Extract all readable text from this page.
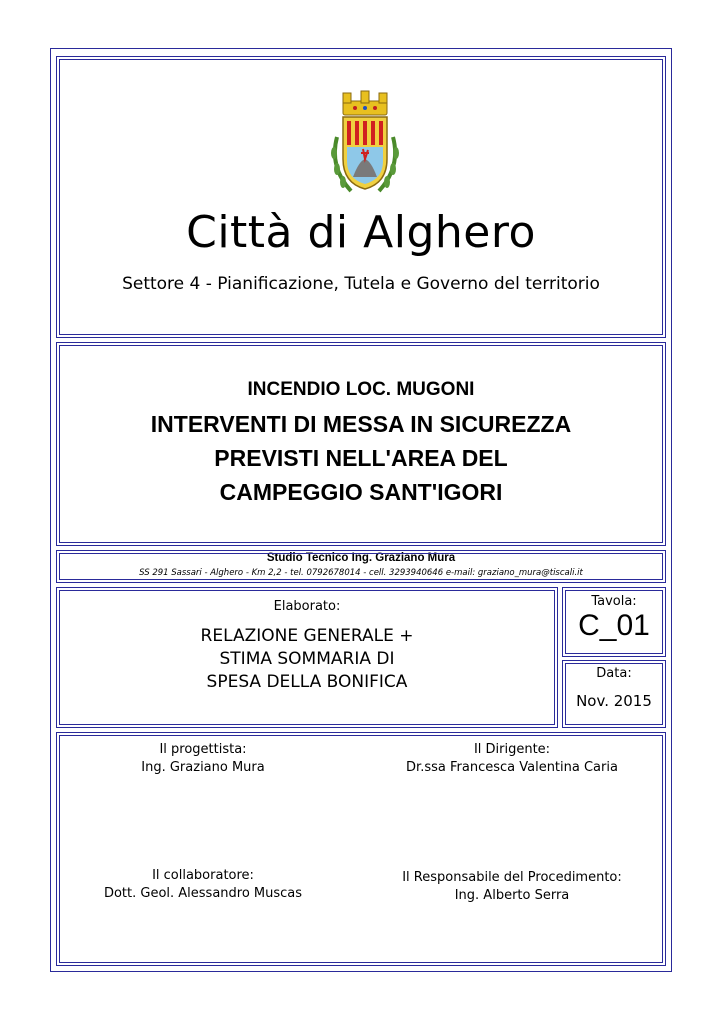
Città di Alghero
Settore 4 - Pianificazione, Tutela e Governo del territorio
INCENDIO LOC. MUGONI
INTERVENTI DI MESSA IN SICUREZZA
PREVISTI NELL'AREA DEL
CAMPEGGIO SANT'IGORI
Studio Tecnico Ing. Graziano Mura
SS 291 Sassari - Alghero - Km 2,2 - tel. 0792678014 - cell. 3293940646 e-mail: graziano_mura@tiscali.it
Elaborato:
RELAZIONE GENERALE +
STIMA SOMMARIA DI
SPESA DELLA BONIFICA
Tavola:
C_01
Data:
Nov. 2015
Il progettista:
Ing. Graziano Mura
Il Dirigente:
Dr.ssa Francesca Valentina Caria
Il collaboratore:
Dott. Geol. Alessandro Muscas
Il Responsabile del Procedimento:
Ing. Alberto Serra
